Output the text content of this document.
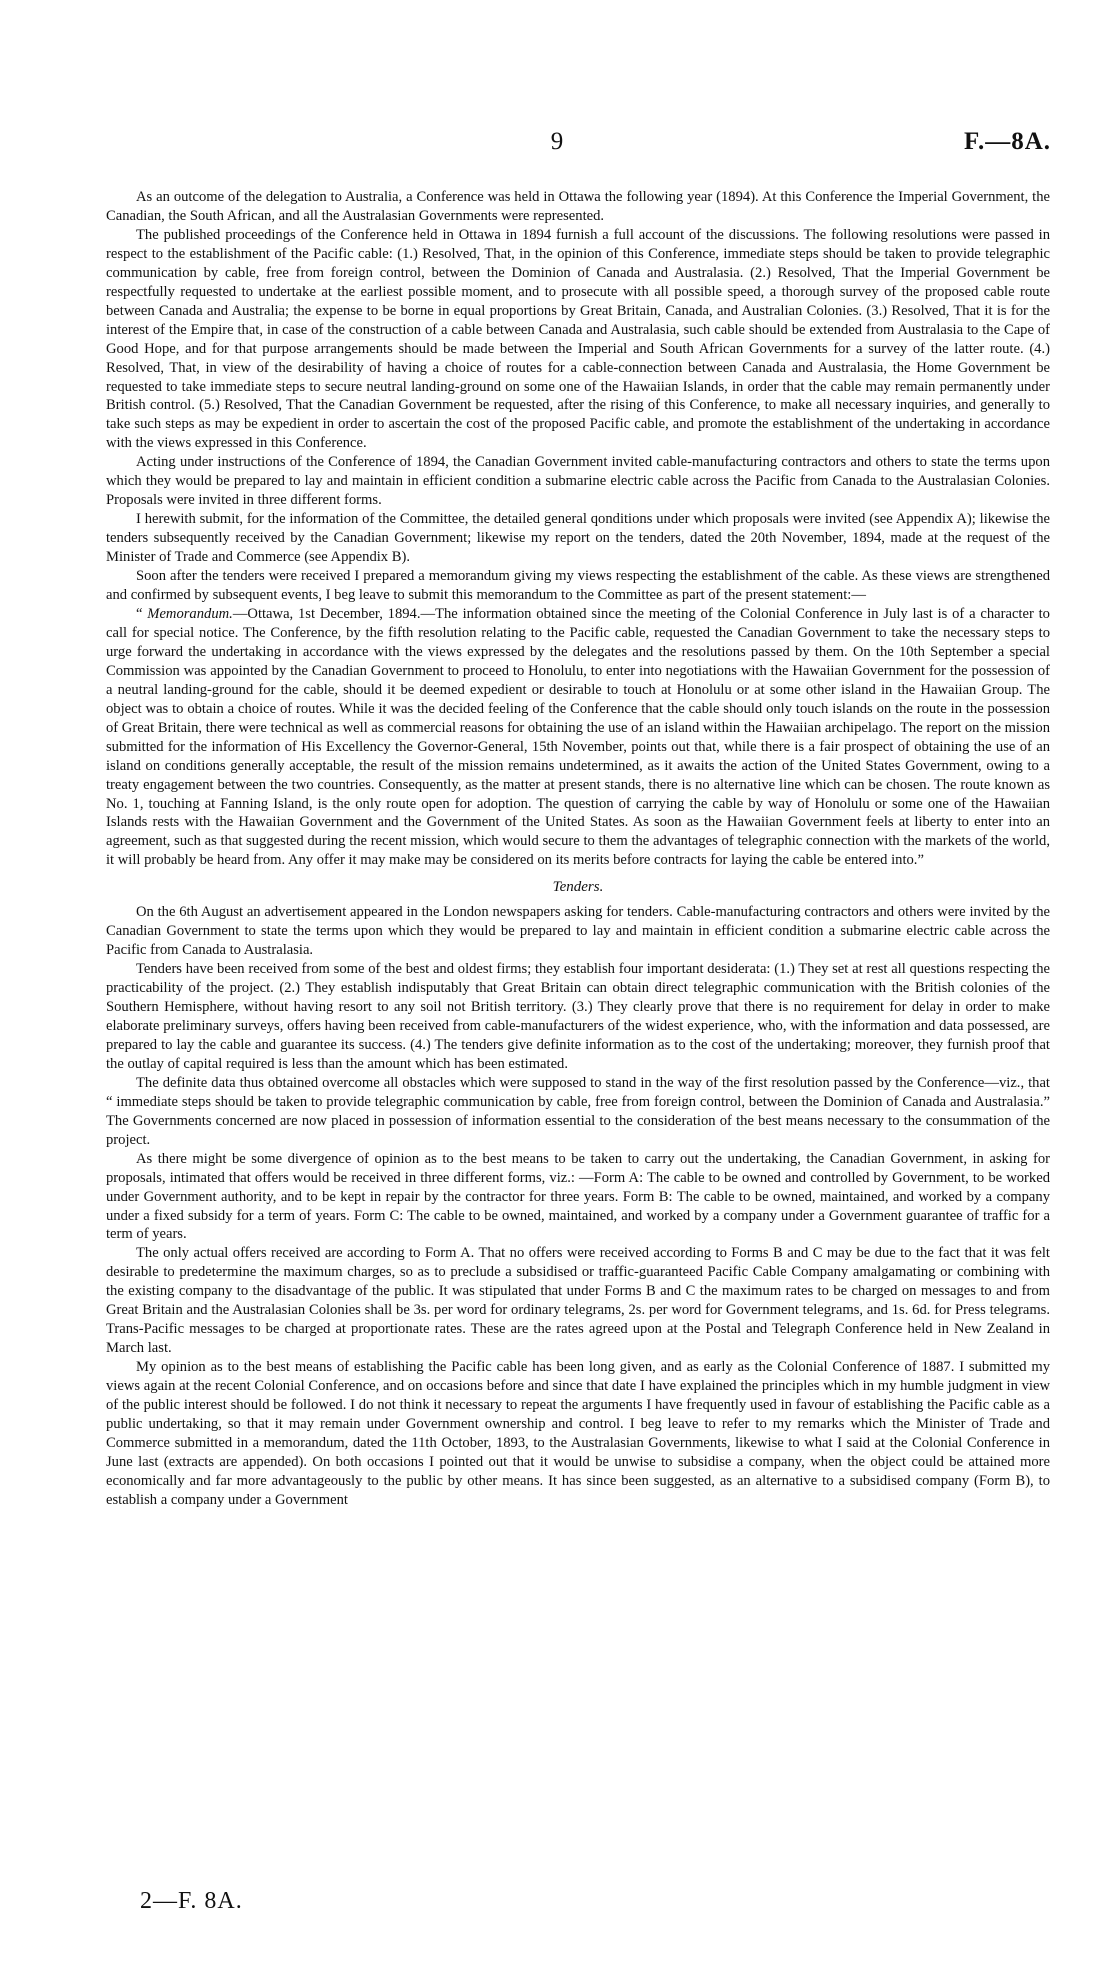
9	F.—8A.

As an outcome of the delegation to Australia, a Conference was held in Ottawa the following year (1894). At this Conference the Imperial Government, the Canadian, the South African, and all the Australasian Governments were represented.

The published proceedings of the Conference held in Ottawa in 1894 furnish a full account of the discussions. The following resolutions were passed in respect to the establishment of the Pacific cable: (1.) Resolved, That, in the opinion of this Conference, immediate steps should be taken to provide telegraphic communication by cable, free from foreign control, between the Dominion of Canada and Australasia. (2.) Resolved, That the Imperial Government be respectfully requested to undertake at the earliest possible moment, and to prosecute with all possible speed, a thorough survey of the proposed cable route between Canada and Australia; the expense to be borne in equal proportions by Great Britain, Canada, and Australian Colonies. (3.) Resolved, That it is for the interest of the Empire that, in case of the construction of a cable between Canada and Australasia, such cable should be extended from Australasia to the Cape of Good Hope, and for that purpose arrangements should be made between the Imperial and South African Governments for a survey of the latter route. (4.) Resolved, That, in view of the desirability of having a choice of routes for a cable-connection between Canada and Australasia, the Home Government be requested to take immediate steps to secure neutral landing-ground on some one of the Hawaiian Islands, in order that the cable may remain permanently under British control. (5.) Resolved, That the Canadian Government be requested, after the rising of this Conference, to make all necessary inquiries, and generally to take such steps as may be expedient in order to ascertain the cost of the proposed Pacific cable, and promote the establishment of the undertaking in accordance with the views expressed in this Conference.

Acting under instructions of the Conference of 1894, the Canadian Government invited cable-manufacturing contractors and others to state the terms upon which they would be prepared to lay and maintain in efficient condition a submarine electric cable across the Pacific from Canada to the Australasian Colonies. Proposals were invited in three different forms.

I herewith submit, for the information of the Committee, the detailed general qonditions under which proposals were invited (see Appendix A); likewise the tenders subsequently received by the Canadian Government; likewise my report on the tenders, dated the 20th November, 1894, made at the request of the Minister of Trade and Commerce (see Appendix B).

Soon after the tenders were received I prepared a memorandum giving my views respecting the establishment of the cable. As these views are strengthened and confirmed by subsequent events, I beg leave to submit this memorandum to the Committee as part of the present statement:—

“ Memorandum.—Ottawa, 1st December, 1894.—The information obtained since the meeting of the Colonial Conference in July last is of a character to call for special notice. The Conference, by the fifth resolution relating to the Pacific cable, requested the Canadian Government to take the necessary steps to urge forward the undertaking in accordance with the views expressed by the delegates and the resolutions passed by them. On the 10th September a special Commission was appointed by the Canadian Government to proceed to Honolulu, to enter into negotiations with the Hawaiian Government for the possession of a neutral landing-ground for the cable, should it be deemed expedient or desirable to touch at Honolulu or at some other island in the Hawaiian Group. The object was to obtain a choice of routes. While it was the decided feeling of the Conference that the cable should only touch islands on the route in the possession of Great Britain, there were technical as well as commercial reasons for obtaining the use of an island within the Hawaiian archipelago. The report on the mission submitted for the information of His Excellency the Governor-General, 15th November, points out that, while there is a fair prospect of obtaining the use of an island on conditions generally acceptable, the result of the mission remains undetermined, as it awaits the action of the United States Government, owing to a treaty engagement between the two countries. Consequently, as the matter at present stands, there is no alternative line which can be chosen. The route known as No. 1, touching at Fanning Island, is the only route open for adoption. The question of carrying the cable by way of Honolulu or some one of the Hawaiian Islands rests with the Hawaiian Government and the Government of the United States. As soon as the Hawaiian Government feels at liberty to enter into an agreement, such as that suggested during the recent mission, which would secure to them the advantages of telegraphic connection with the markets of the world, it will probably be heard from. Any offer it may make may be considered on its merits before contracts for laying the cable be entered into.”

Tenders.

On the 6th August an advertisement appeared in the London newspapers asking for tenders. Cable-manufacturing contractors and others were invited by the Canadian Government to state the terms upon which they would be prepared to lay and maintain in efficient condition a submarine electric cable across the Pacific from Canada to Australasia.

Tenders have been received from some of the best and oldest firms; they establish four important desiderata: (1.) They set at rest all questions respecting the practicability of the project. (2.) They establish indisputably that Great Britain can obtain direct telegraphic communication with the British colonies of the Southern Hemisphere, without having resort to any soil not British territory. (3.) They clearly prove that there is no requirement for delay in order to make elaborate preliminary surveys, offers having been received from cable-manufacturers of the widest experience, who, with the information and data possessed, are prepared to lay the cable and guarantee its success. (4.) The tenders give definite information as to the cost of the undertaking; moreover, they furnish proof that the outlay of capital required is less than the amount which has been estimated.

The definite data thus obtained overcome all obstacles which were supposed to stand in the way of the first resolution passed by the Conference—viz., that “ immediate steps should be taken to provide telegraphic communication by cable, free from foreign control, between the Dominion of Canada and Australasia.” The Governments concerned are now placed in possession of information essential to the consideration of the best means necessary to the consummation of the project.

As there might be some divergence of opinion as to the best means to be taken to carry out the undertaking, the Canadian Government, in asking for proposals, intimated that offers would be received in three different forms, viz.: —Form A: The cable to be owned and controlled by Government, to be worked under Government authority, and to be kept in repair by the contractor for three years. Form B: The cable to be owned, maintained, and worked by a company under a fixed subsidy for a term of years. Form C: The cable to be owned, maintained, and worked by a company under a Government guarantee of traffic for a term of years.

The only actual offers received are according to Form A. That no offers were received according to Forms B and C may be due to the fact that it was felt desirable to predetermine the maximum charges, so as to preclude a subsidised or traffic-guaranteed Pacific Cable Company amalgamating or combining with the existing company to the disadvantage of the public. It was stipulated that under Forms B and C the maximum rates to be charged on messages to and from Great Britain and the Australasian Colonies shall be 3s. per word for ordinary telegrams, 2s. per word for Government telegrams, and 1s. 6d. for Press telegrams. Trans-Pacific messages to be charged at proportionate rates. These are the rates agreed upon at the Postal and Telegraph Conference held in New Zealand in March last.

My opinion as to the best means of establishing the Pacific cable has been long given, and as early as the Colonial Conference of 1887. I submitted my views again at the recent Colonial Conference, and on occasions before and since that date I have explained the principles which in my humble judgment in view of the public interest should be followed. I do not think it necessary to repeat the arguments I have frequently used in favour of establishing the Pacific cable as a public undertaking, so that it may remain under Government ownership and control. I beg leave to refer to my remarks which the Minister of Trade and Commerce submitted in a memorandum, dated the 11th October, 1893, to the Australasian Governments, likewise to what I said at the Colonial Conference in June last (extracts are appended). On both occasions I pointed out that it would be unwise to subsidise a company, when the object could be attained more economically and far more advantageously to the public by other means. It has since been suggested, as an alternative to a subsidised company (Form B), to establish a company under a Government

2—F. 8A.
